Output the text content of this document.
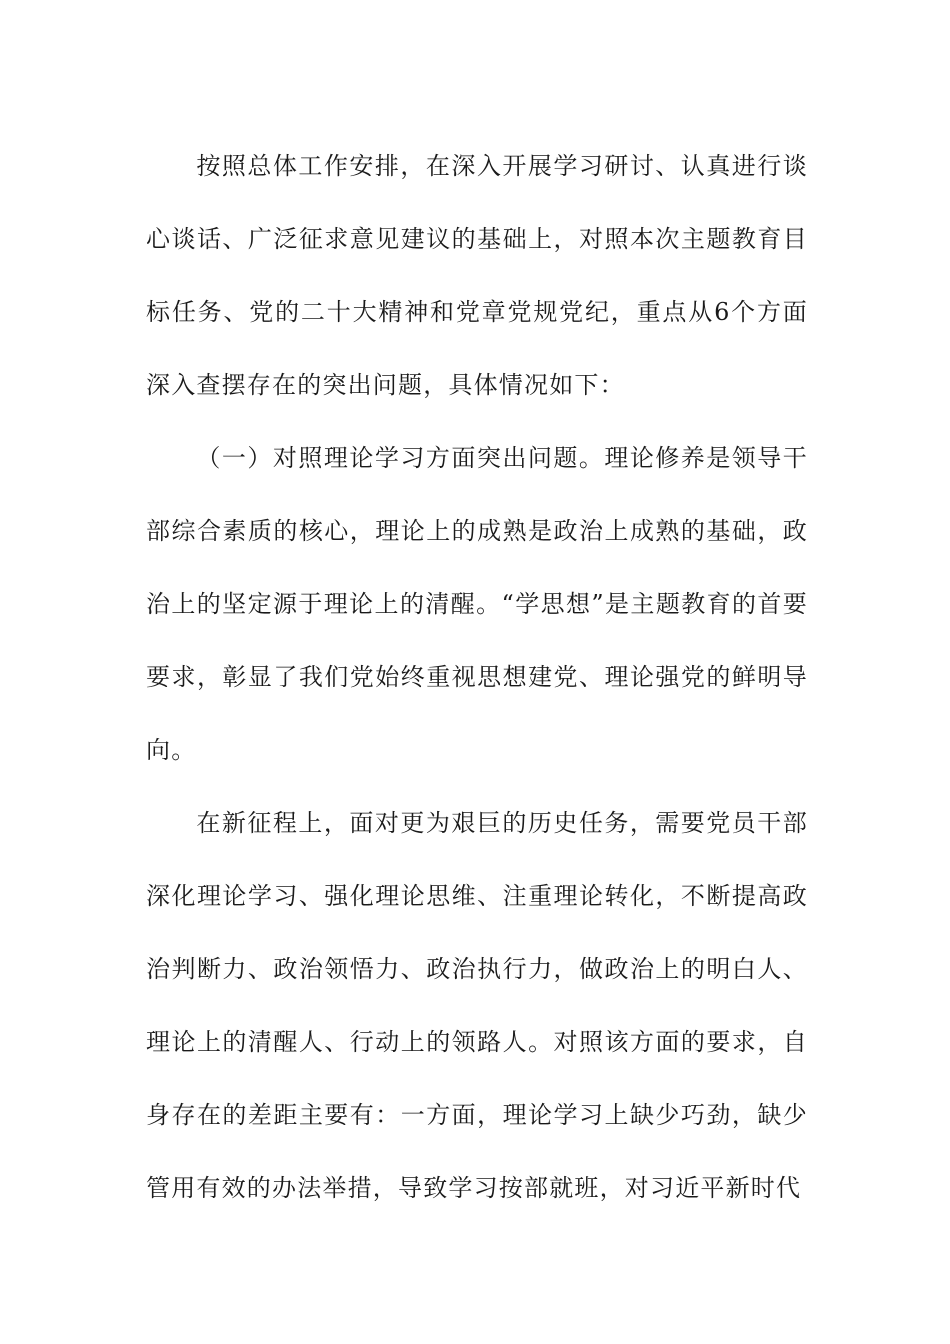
按照总体工作安排，在深入开展学习研讨、认真进行谈心谈话、广泛征求意见建议的基础上，对照本次主题教育目标任务、党的二十大精神和党章党规党纪，重点从6个方面深入查摆存在的突出问题，具体情况如下：

（一）对照理论学习方面突出问题。理论修养是领导干部综合素质的核心，理论上的成熟是政治上成熟的基础，政治上的坚定源于理论上的清醒。“学思想”是主题教育的首要要求，彰显了我们党始终重视思想建党、理论强党的鲜明导向。

在新征程上，面对更为艰巨的历史任务，需要党员干部深化理论学习、强化理论思维、注重理论转化，不断提高政治判断力、政治领悟力、政治执行力，做政治上的明白人、理论上的清醒人、行动上的领路人。对照该方面的要求，自身存在的差距主要有：一方面，理论学习上缺少巧劲，缺少管用有效的办法举措，导致学习按部就班，对习近平新时代
